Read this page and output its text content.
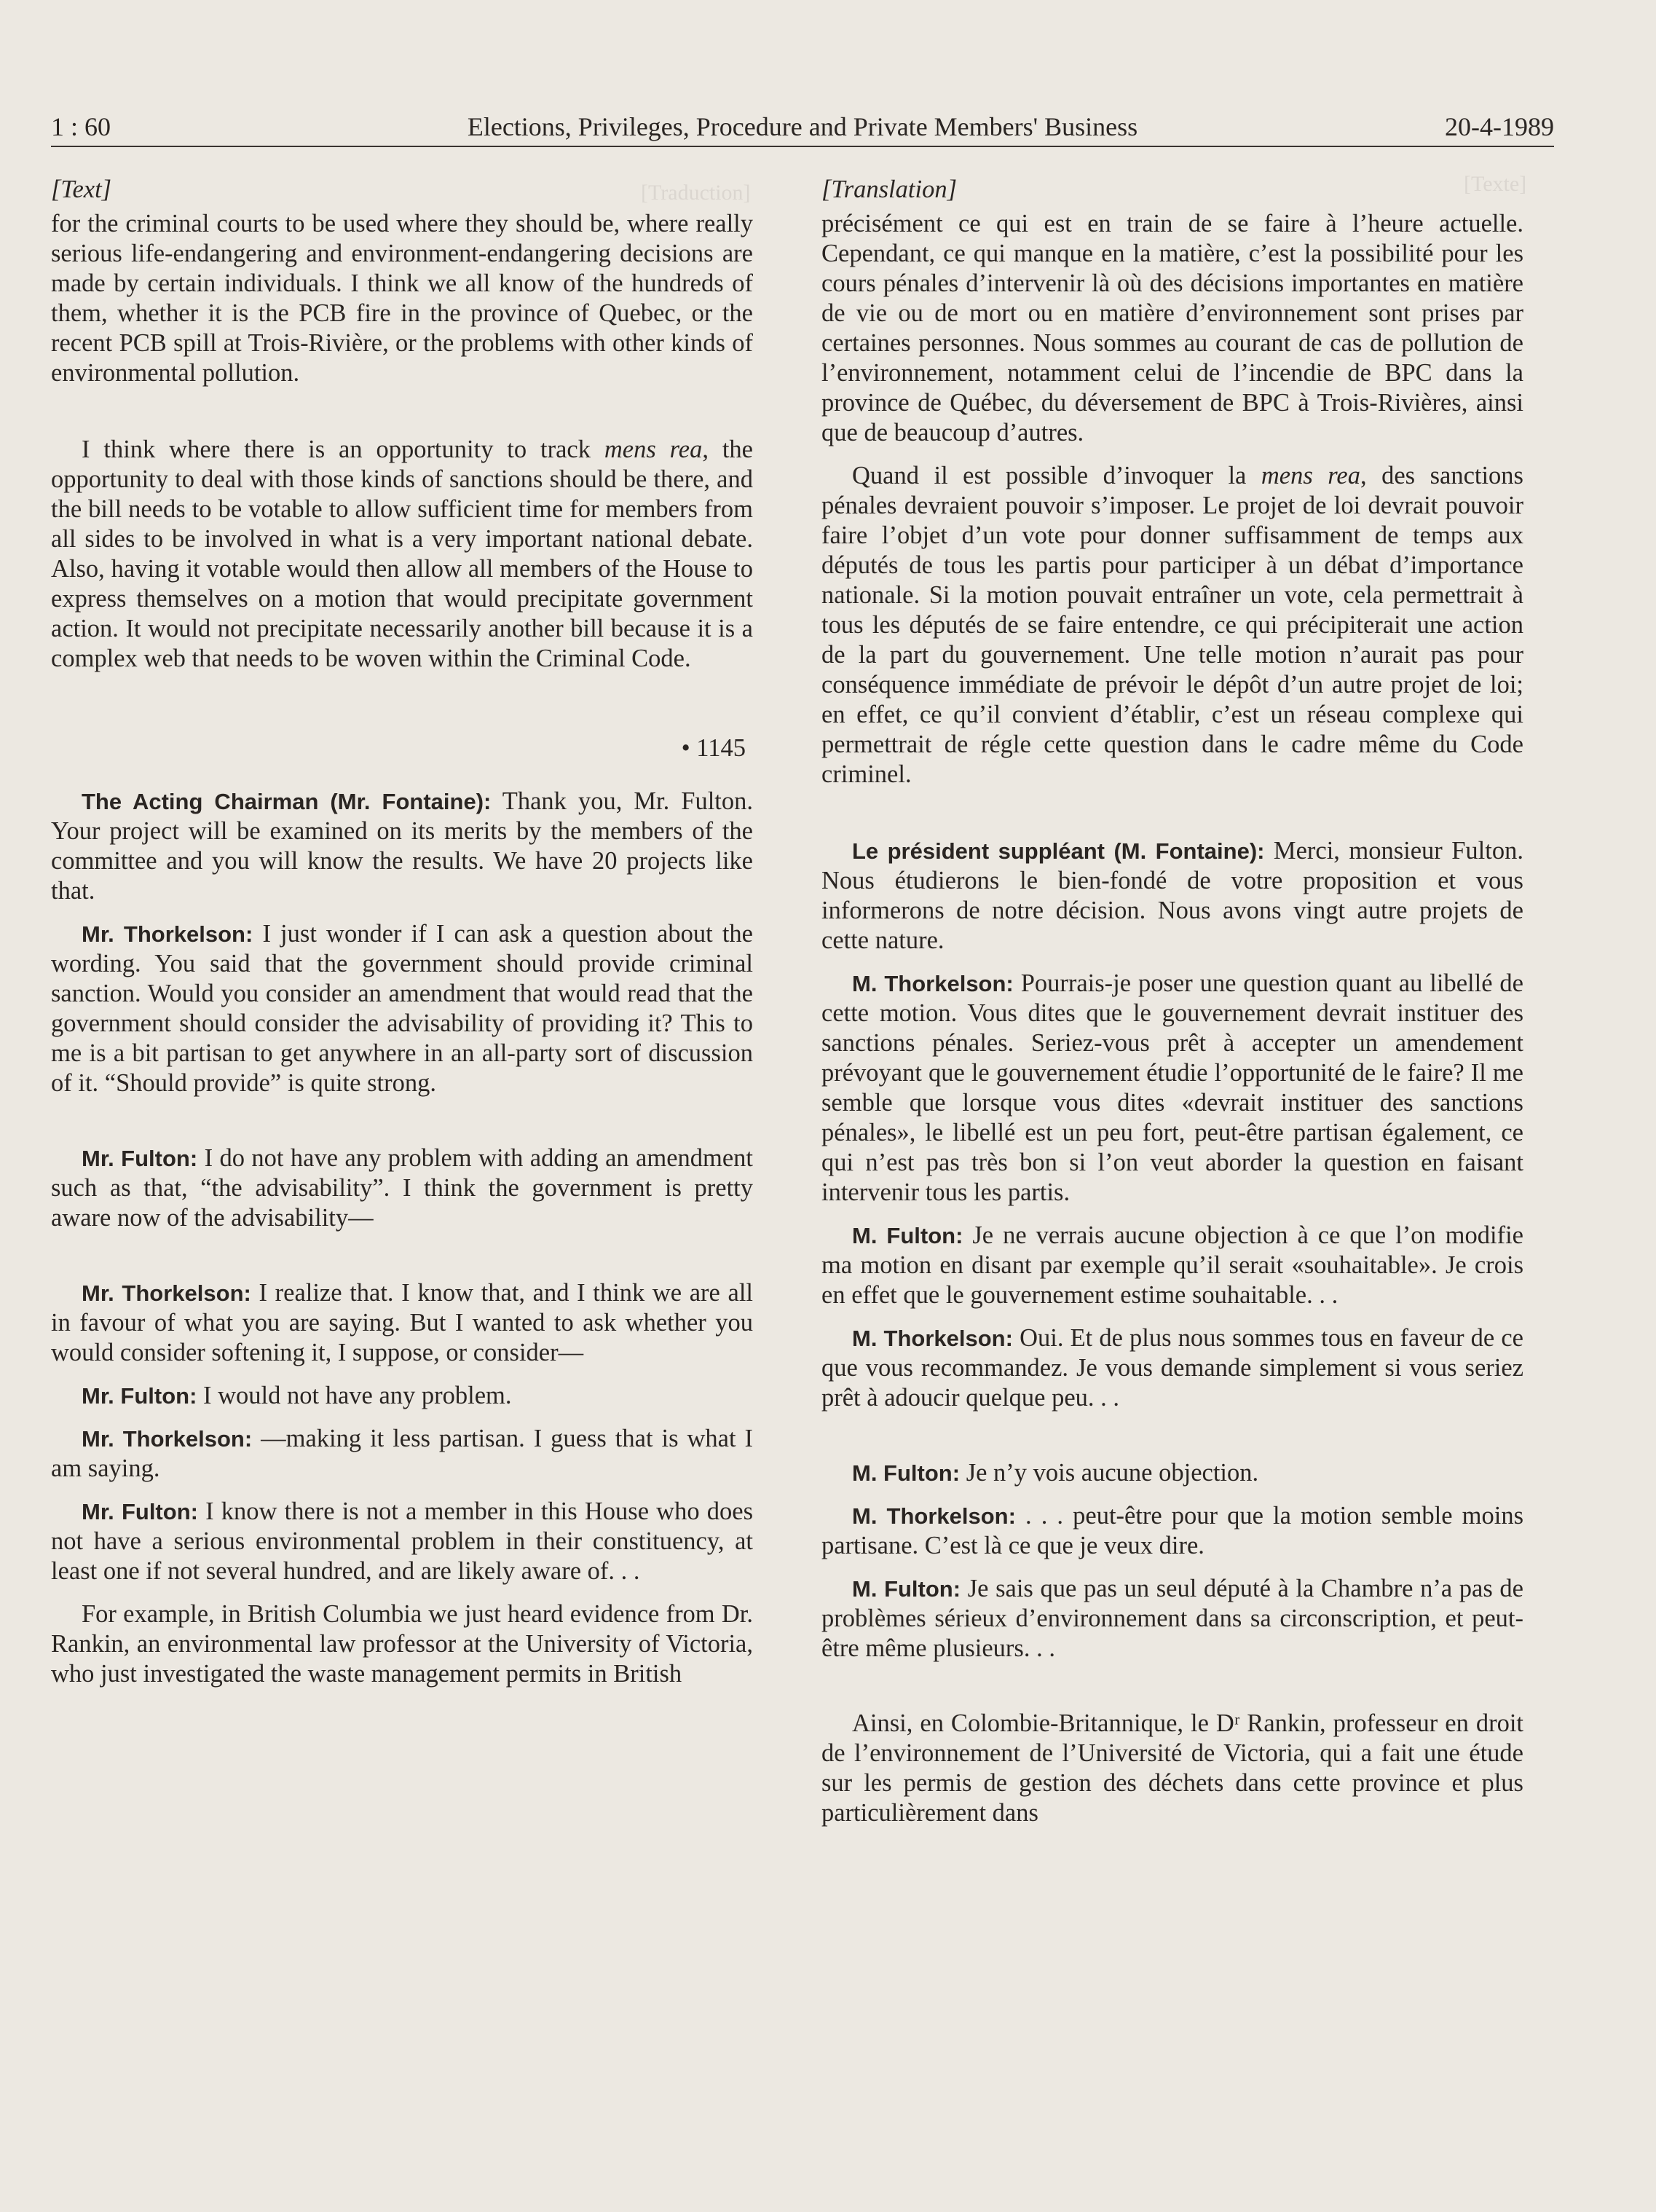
[Traduction]	[Texte]
1 : 60	Elections, Privileges, Procedure and Private Members' Business	20-4-1989

[Text]

for the criminal courts to be used where they should be, where really serious life-endangering and environment-endangering decisions are made by certain individuals. I think we all know of the hundreds of them, whether it is the PCB fire in the province of Quebec, or the recent PCB spill at Trois-Rivière, or the problems with other kinds of environmental pollution.

I think where there is an opportunity to track mens rea, the opportunity to deal with those kinds of sanctions should be there, and the bill needs to be votable to allow sufficient time for members from all sides to be involved in what is a very important national debate. Also, having it votable would then allow all members of the House to express themselves on a motion that would precipitate government action. It would not precipitate necessarily another bill because it is a complex web that needs to be woven within the Criminal Code.

• 1145

The Acting Chairman (Mr. Fontaine): Thank you, Mr. Fulton. Your project will be examined on its merits by the members of the committee and you will know the results. We have 20 projects like that.

Mr. Thorkelson: I just wonder if I can ask a question about the wording. You said that the government should provide criminal sanction. Would you consider an amendment that would read that the government should consider the advisability of providing it? This to me is a bit partisan to get anywhere in an all-party sort of discussion of it. “Should provide” is quite strong.

Mr. Fulton: I do not have any problem with adding an amendment such as that, “the advisability”. I think the government is pretty aware now of the advisability—

Mr. Thorkelson: I realize that. I know that, and I think we are all in favour of what you are saying. But I wanted to ask whether you would consider softening it, I suppose, or consider—

Mr. Fulton: I would not have any problem.

Mr. Thorkelson: —making it less partisan. I guess that is what I am saying.

Mr. Fulton: I know there is not a member in this House who does not have a serious environmental problem in their constituency, at least one if not several hundred, and are likely aware of. . .

For example, in British Columbia we just heard evidence from Dr. Rankin, an environmental law professor at the University of Victoria, who just investigated the waste management permits in British

[Translation]

précisément ce qui est en train de se faire à l’heure actuelle. Cependant, ce qui manque en la matière, c’est la possibilité pour les cours pénales d’intervenir là où des décisions importantes en matière de vie ou de mort ou en matière d’environnement sont prises par certaines personnes. Nous sommes au courant de cas de pollution de l’environnement, notamment celui de l’incendie de BPC dans la province de Québec, du déversement de BPC à Trois-Rivières, ainsi que de beaucoup d’autres.

Quand il est possible d’invoquer la mens rea, des sanctions pénales devraient pouvoir s’imposer. Le projet de loi devrait pouvoir faire l’objet d’un vote pour donner suffisamment de temps aux députés de tous les partis pour participer à un débat d’importance nationale. Si la motion pouvait entraîner un vote, cela permettrait à tous les députés de se faire entendre, ce qui précipiterait une action de la part du gouvernement. Une telle motion n’aurait pas pour conséquence immédiate de prévoir le dépôt d’un autre projet de loi; en effet, ce qu’il convient d’établir, c’est un réseau complexe qui permettrait de régle cette question dans le cadre même du Code criminel.

Le président suppléant (M. Fontaine): Merci, monsieur Fulton. Nous étudierons le bien-fondé de votre proposition et vous informerons de notre décision. Nous avons vingt autre projets de cette nature.

M. Thorkelson: Pourrais-je poser une question quant au libellé de cette motion. Vous dites que le gouvernement devrait instituer des sanctions pénales. Seriez-vous prêt à accepter un amendement prévoyant que le gouvernement étudie l’opportunité de le faire? Il me semble que lorsque vous dites «devrait instituer des sanctions pénales», le libellé est un peu fort, peut-être partisan également, ce qui n’est pas très bon si l’on veut aborder la question en faisant intervenir tous les partis.

M. Fulton: Je ne verrais aucune objection à ce que l’on modifie ma motion en disant par exemple qu’il serait «souhaitable». Je crois en effet que le gouvernement estime souhaitable. . .

M. Thorkelson: Oui. Et de plus nous sommes tous en faveur de ce que vous recommandez. Je vous demande simplement si vous seriez prêt à adoucir quelque peu. . .

M. Fulton: Je n’y vois aucune objection.

M. Thorkelson: . . . peut-être pour que la motion semble moins partisane. C’est là ce que je veux dire.

M. Fulton: Je sais que pas un seul député à la Chambre n’a pas de problèmes sérieux d’environnement dans sa circonscription, et peut-être même plusieurs. . .

Ainsi, en Colombie-Britannique, le Dʳ Rankin, professeur en droit de l’environnement de l’Université de Victoria, qui a fait une étude sur les permis de gestion des déchets dans cette province et plus particulièrement dans
